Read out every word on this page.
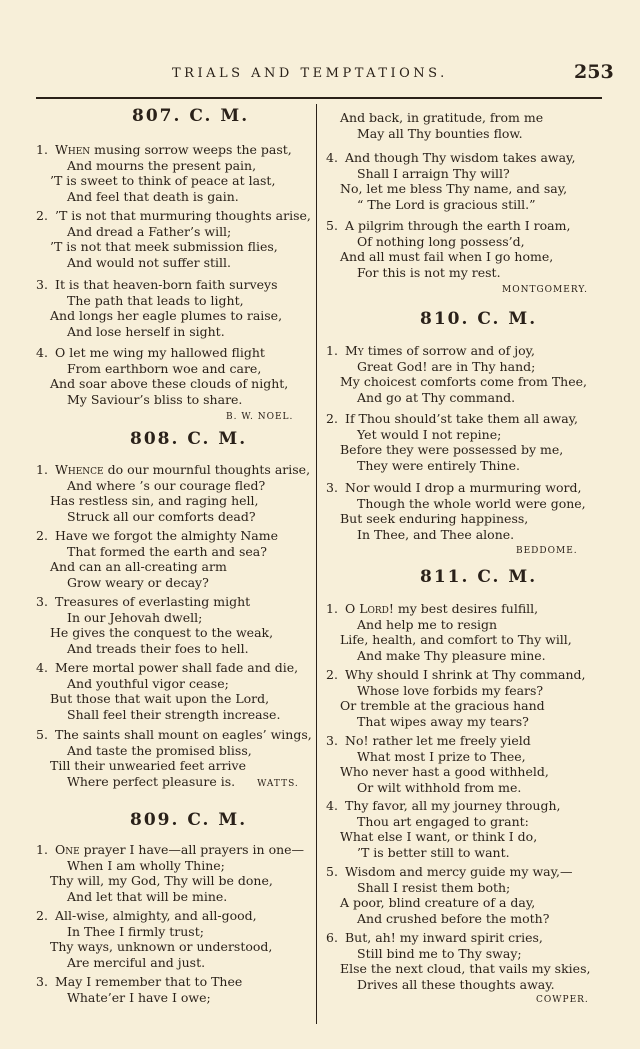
TRIALS AND TEMPTATIONS.	253
807. C. M.
1. When musing sorrow weeps the past,
And mourns the present pain,
’T is sweet to think of peace at last,
And feel that death is gain.
2. ’T is not that murmuring thoughts arise,
And dread a Father’s will;
’T is not that meek submission flies,
And would not suffer still.
3. It is that heaven-born faith surveys
The path that leads to light,
And longs her eagle plumes to raise,
And lose herself in sight.
4. O let me wing my hallowed flight
From earthborn woe and care,
And soar above these clouds of night,
My Saviour’s bliss to share.
B. W. NOEL.
808. C. M.
1. Whence do our mournful thoughts arise,
And where ’s our courage fled?
Has restless sin, and raging hell,
Struck all our comforts dead?
2. Have we forgot the almighty Name
That formed the earth and sea?
And can an all-creating arm
Grow weary or decay?
3. Treasures of everlasting might
In our Jehovah dwell;
He gives the conquest to the weak,
And treads their foes to hell.
4. Mere mortal power shall fade and die,
And youthful vigor cease;
But those that wait upon the Lord,
Shall feel their strength increase.
5. The saints shall mount on eagles’ wings,
And taste the promised bliss,
Till their unwearied feet arrive
Where perfect pleasure is. WATTS.
809. C. M.
1. One prayer I have—all prayers in one—
When I am wholly Thine;
Thy will, my God, Thy will be done,
And let that will be mine.
2. All-wise, almighty, and all-good,
In Thee I firmly trust;
Thy ways, unknown or understood,
Are merciful and just.
3. May I remember that to Thee
Whate’er I have I owe;
And back, in gratitude, from me
May all Thy bounties flow.
4. And though Thy wisdom takes away,
Shall I arraign Thy will?
No, let me bless Thy name, and say,
“ The Lord is gracious still.”
5. A pilgrim through the earth I roam,
Of nothing long possess’d,
And all must fail when I go home,
For this is not my rest.
MONTGOMERY.
810. C. M.
1. My times of sorrow and of joy,
Great God! are in Thy hand;
My choicest comforts come from Thee,
And go at Thy command.
2. If Thou should’st take them all away,
Yet would I not repine;
Before they were possessed by me,
They were entirely Thine.
3. Nor would I drop a murmuring word,
Though the whole world were gone,
But seek enduring happiness,
In Thee, and Thee alone.
BEDDOME.
811. C. M.
1. O Lord! my best desires fulfill,
And help me to resign
Life, health, and comfort to Thy will,
And make Thy pleasure mine.
2. Why should I shrink at Thy command,
Whose love forbids my fears?
Or tremble at the gracious hand
That wipes away my tears?
3. No! rather let me freely yield
What most I prize to Thee,
Who never hast a good withheld,
Or wilt withhold from me.
4. Thy favor, all my journey through,
Thou art engaged to grant:
What else I want, or think I do,
’T is better still to want.
5. Wisdom and mercy guide my way,—
Shall I resist them both;
A poor, blind creature of a day,
And crushed before the moth?
6. But, ah! my inward spirit cries,
Still bind me to Thy sway;
Else the next cloud, that vails my skies,
Drives all these thoughts away.
COWPER.
